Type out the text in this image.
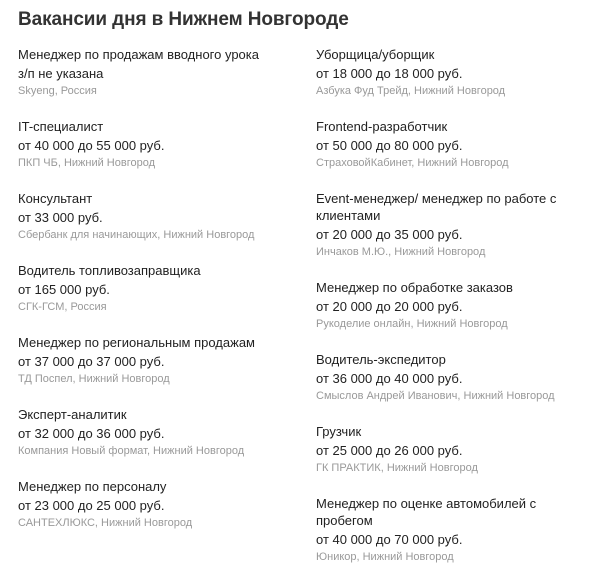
Вакансии дня в Нижнем Новгороде
Менеджер по продажам вводного урока
з/п не указана
Skyeng, Россия
IT-специалист
от 40 000 до 55 000 руб.
ПКП ЧБ, Нижний Новгород
Консультант
от 33 000 руб.
Сбербанк для начинающих, Нижний Новгород
Водитель топливозаправщика
от 165 000 руб.
СГК-ГСМ, Россия
Менеджер по региональным продажам
от 37 000 до 37 000 руб.
ТД Поспел, Нижний Новгород
Эксперт-аналитик
от 32 000 до 36 000 руб.
Компания Новый формат, Нижний Новгород
Менеджер по персоналу
от 23 000 до 25 000 руб.
САНТЕХЛЮКС, Нижний Новгород
Уборщица/уборщик
от 18 000 до 18 000 руб.
Азбука Фуд Трейд, Нижний Новгород
Frontend-разработчик
от 50 000 до 80 000 руб.
СтраховойКабинет, Нижний Новгород
Event-менеджер/ менеджер по работе с клиентами
от 20 000 до 35 000 руб.
Инчаков М.Ю., Нижний Новгород
Менеджер по обработке заказов
от 20 000 до 20 000 руб.
Рукоделие онлайн, Нижний Новгород
Водитель-экспедитор
от 36 000 до 40 000 руб.
Смыслов Андрей Иванович, Нижний Новгород
Грузчик
от 25 000 до 26 000 руб.
ГК ПРАКТИК, Нижний Новгород
Менеджер по оценке автомобилей с пробегом
от 40 000 до 70 000 руб.
Юникор, Нижний Новгород
